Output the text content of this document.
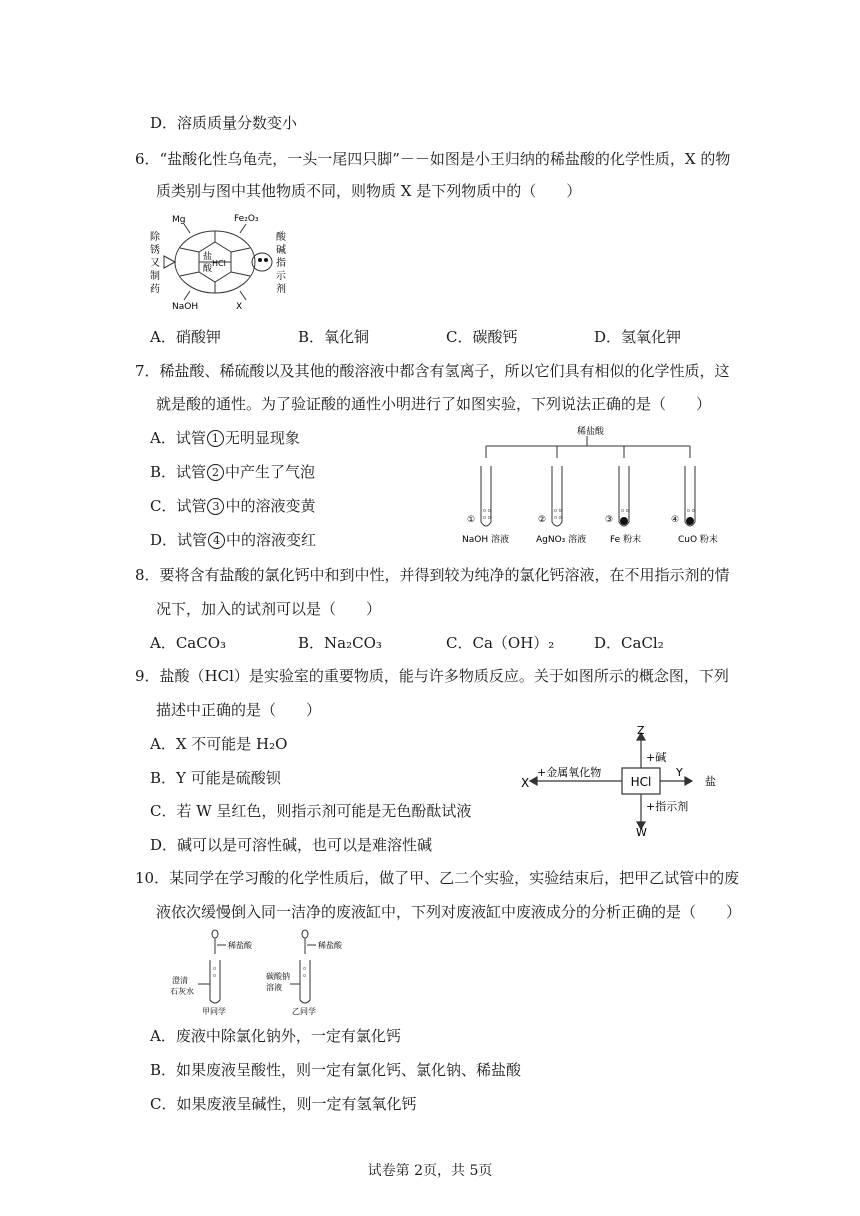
D．溶质质量分数变小
6．“盐酸化性乌龟壳，一头一尾四只脚”－－如图是小王归纳的稀盐酸的化学性质，X 的物
质类别与图中其他物质不同，则物质 X 是下列物质中的（　　）
Mg	Fe₂O₃
NaOH	X
盐
酸
HCl
除
锈
又
制
药
酸
碱
指
示
剂
A．硝酸钾	B．氧化铜	C．碳酸钙	D．氢氧化钾
7．稀盐酸、稀硫酸以及其他的酸溶液中都含有氢离子，所以它们具有相似的化学性质，这
就是酸的通性。为了验证酸的通性小明进行了如图实验，下列说法正确的是（　　）
A．试管 1 无明显现象
B．试管 2 中产生了气泡
C．试管 3 中的溶液变黄
D．试管 4 中的溶液变红
o o
o o
o o
o o
o o	o o
稀盐酸
①	②	③	④
NaOH 溶液	AgNO₃ 溶液	Fe 粉末	CuO 粉末
8．要将含有盐酸的氯化钙中和到中性，并得到较为纯净的氯化钙溶液，在不用指示剂的情
况下，加入的试剂可以是（　　）
A．CaCO₃	B．Na₂CO₃	C．Ca（OH）₂	D．CaCl₂
9．盐酸（HCl）是实验室的重要物质，能与许多物质反应。关于如图所示的概念图，下列
描述中正确的是（　　）
A．X 不可能是 H₂O
B．Y 可能是硫酸钡
C．若 W 呈红色，则指示剂可能是无色酚酞试液
D．碱可以是可溶性碱，也可以是难溶性碱
HCl
Z
+碱
+金属氧化物
X
Y
盐
+指示剂
W
10．某同学在学习酸的化学性质后，做了甲、乙二个实验，实验结束后，把甲乙试管中的废
液依次缓慢倒入同一洁净的废液缸中，下列对废液缸中废液成分的分析正确的是（　　）
o
o
o
o
稀盐酸	稀盐酸
澄清
石灰水
碳酸钠
溶液
甲同学	乙同学
A．废液中除氯化钠外，一定有氯化钙
B．如果废液呈酸性，则一定有氯化钙、氯化钠、稀盐酸
C．如果废液呈碱性，则一定有氢氧化钙
试卷第 2页，共 5页
